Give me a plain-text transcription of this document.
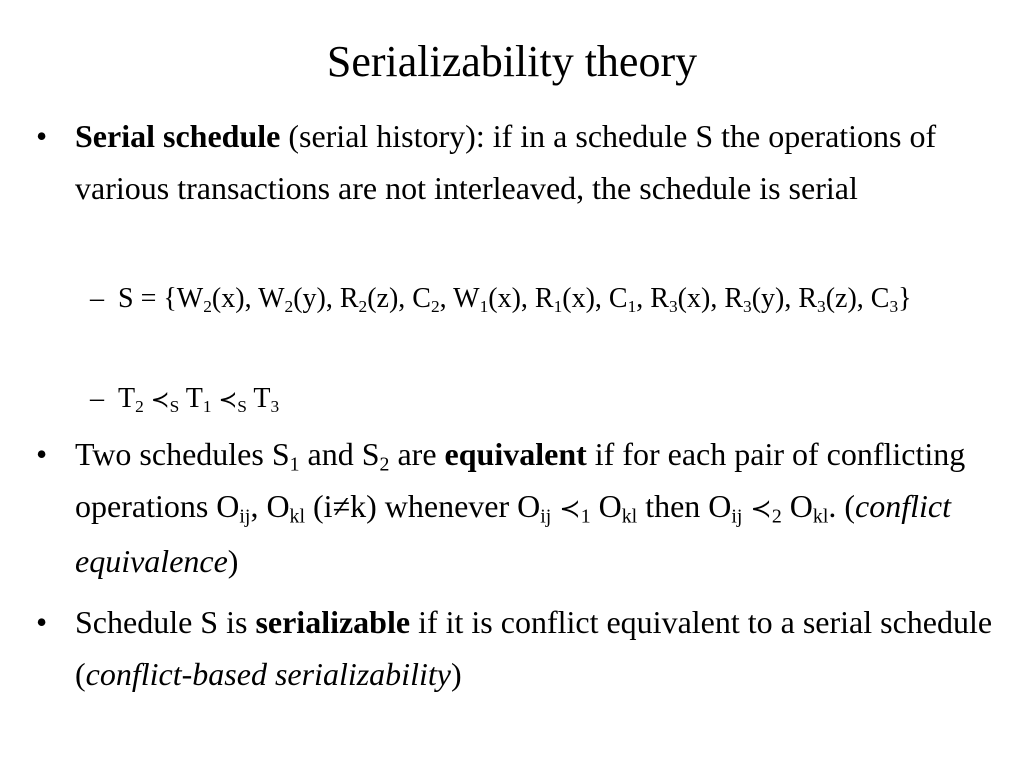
Serializability theory
• Serial schedule (serial history): if in a schedule S the operations of various transactions are not interleaved, the schedule is serial

– $S = \{W_2(x)$, $W_2(y)$, $R_2(z)$, $C_2$, $W_1(x)$, $R_1(x)$, $C_1$, $R_3(x)$, $R_3(y)$, $R_3(z)$, $C_3$}

– $T_2$ $≺_S$ $T_1$ $≺_S$ $T_3$

• Two schedules $S_1$ and $S_2$ are equivalent if for each pair of conflicting operations $O_{ij}$, $O_{kl}$ (i≠k) whenever $O_{ij}$ $≺_1$ $O_{kl}$ then $O_{ij}$ $≺_2$ $O_{kl}$. (conflict equivalence)

• Schedule S is serializable if it is conflict equivalent to a serial schedule (conflict-based serializability)
